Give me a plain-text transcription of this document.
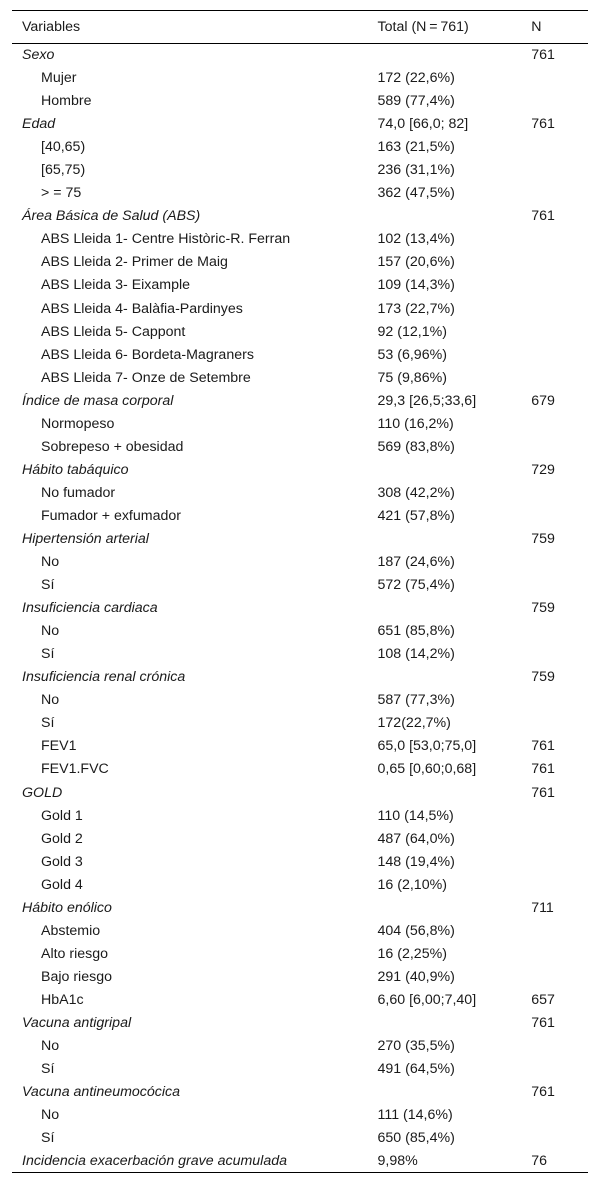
Variables	Total (N = 761)	N
Sexo		761
Mujer	172 (22,6%)	
Hombre	589 (77,4%)	
Edad	74,0 [66,0; 82]	761
[40,65)	163 (21,5%)	
[65,75)	236 (31,1%)	
> = 75	362 (47,5%)	
Área Básica de Salud (ABS)		761
ABS Lleida 1- Centre Històric-R. Ferran	102 (13,4%)	
ABS Lleida 2- Primer de Maig	157 (20,6%)	
ABS Lleida 3- Eixample	109 (14,3%)	
ABS Lleida 4- Balàfia-Pardinyes	173 (22,7%)	
ABS Lleida 5- Cappont	92 (12,1%)	
ABS Lleida 6- Bordeta-Magraners	53 (6,96%)	
ABS Lleida 7- Onze de Setembre	75 (9,86%)	
Índice de masa corporal	29,3 [26,5;33,6]	679
Normopeso	110 (16,2%)	
Sobrepeso + obesidad	569 (83,8%)	
Hábito tabáquico		729
No fumador	308 (42,2%)	
Fumador + exfumador	421 (57,8%)	
Hipertensión arterial		759
No	187 (24,6%)	
Sí	572 (75,4%)	
Insuficiencia cardiaca		759
No	651 (85,8%)	
Sí	108 (14,2%)	
Insuficiencia renal crónica		759
No	587 (77,3%)	
Sí	172(22,7%)	
FEV1	65,0 [53,0;75,0]	761
FEV1.FVC	0,65 [0,60;0,68]	761
GOLD		761
Gold 1	110 (14,5%)	
Gold 2	487 (64,0%)	
Gold 3	148 (19,4%)	
Gold 4	16 (2,10%)	
Hábito enólico		711
Abstemio	404 (56,8%)	
Alto riesgo	16 (2,25%)	
Bajo riesgo	291 (40,9%)	
HbA1c	6,60 [6,00;7,40]	657
Vacuna antigripal		761
No	270 (35,5%)	
Sí	491 (64,5%)	
Vacuna antineumocócica		761
No	111 (14,6%)	
Sí	650 (85,4%)	
Incidencia exacerbación grave acumulada	9,98%	76
